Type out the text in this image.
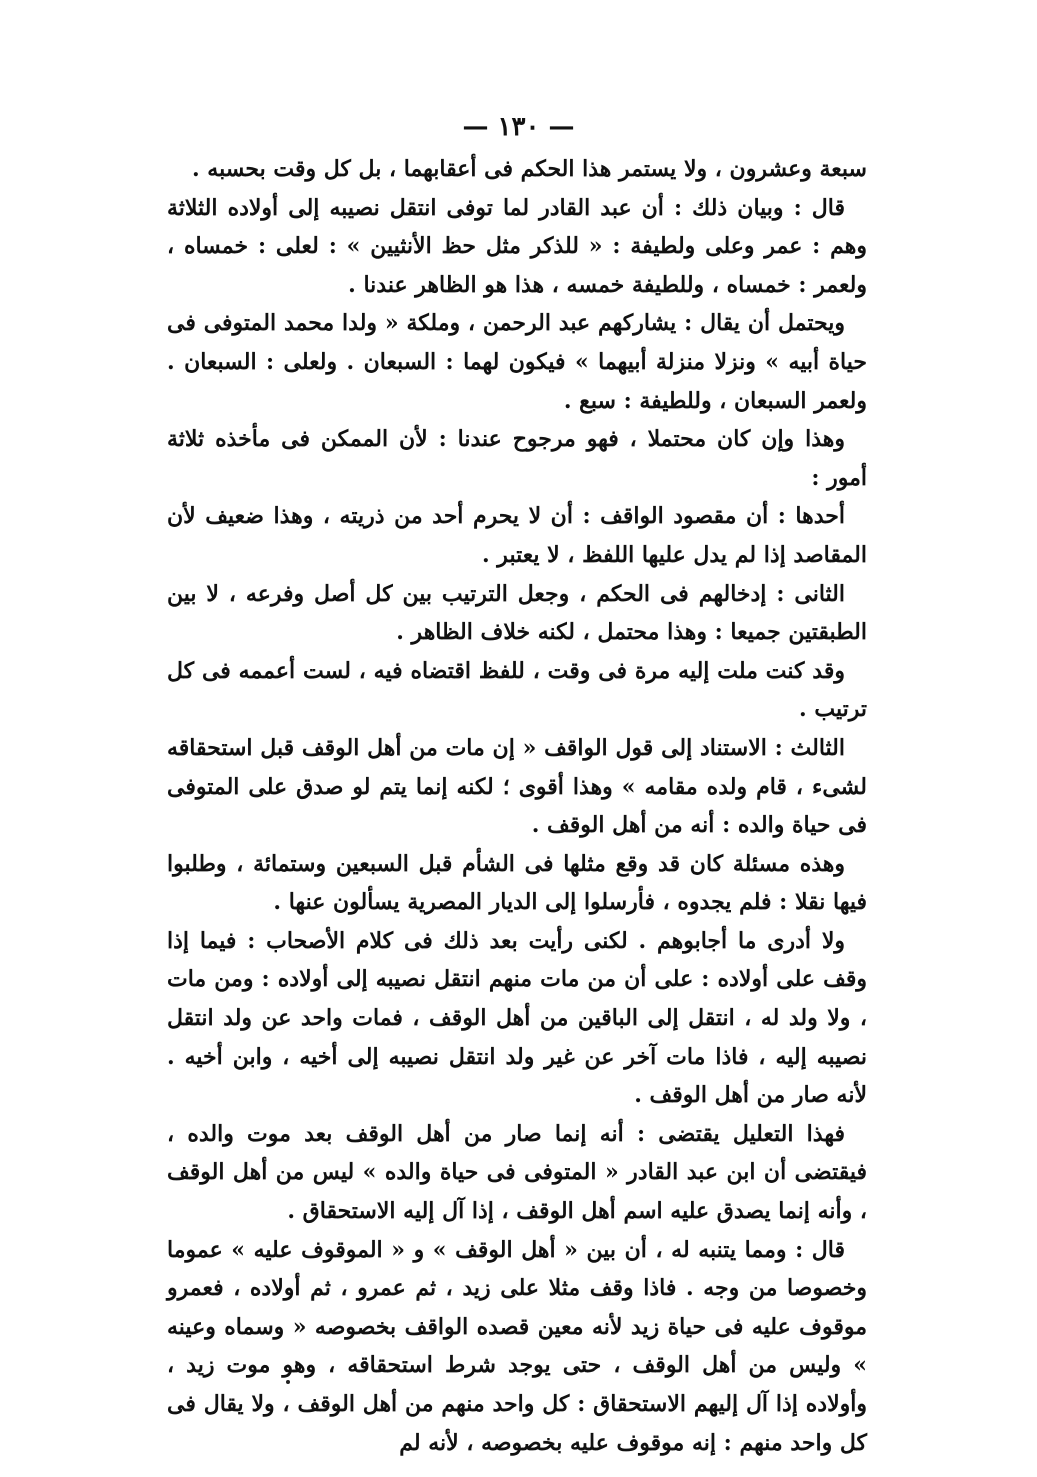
— ١٣٠ —

سبعة وعشرون ، ولا يستمر هذا الحكم فى أعقابهما ، بل كل وقت بحسبه .

قال : وبيان ذلك : أن عبد القادر لما توفى انتقل نصيبه إلى أولاده الثلاثة وهم : عمر وعلى ولطيفة : « للذكر مثل حظ الأنثيين » : لعلى : خمساه ، ولعمر : خمساه ، وللطيفة خمسه ، هذا هو الظاهر عندنا .

ويحتمل أن يقال : يشاركهم عبد الرحمن ، وملكة « ولدا محمد المتوفى فى حياة أبيه » ونزلا منزلة أبيهما » فيكون لهما : السبعان . ولعلى : السبعان . ولعمر السبعان ، وللطيفة : سبع .

وهذا وإن كان محتملا ، فهو مرجوح عندنا : لأن الممكن فى مأخذه ثلاثة أمور :

أحدها : أن مقصود الواقف : أن لا يحرم أحد من ذريته ، وهذا ضعيف لأن المقاصد إذا لم يدل عليها اللفظ ، لا يعتبر .

الثانى : إدخالهم فى الحكم ، وجعل الترتيب بين كل أصل وفرعه ، لا بين الطبقتين جميعا : وهذا محتمل ، لكنه خلاف الظاهر .

وقد كنت ملت إليه مرة فى وقت ، للفظ اقتضاه فيه ، لست أعممه فى كل ترتيب .

الثالث : الاستناد إلى قول الواقف « إن مات من أهل الوقف قبل استحقاقه لشىء ، قام ولده مقامه » وهذا أقوى ؛ لكنه إنما يتم لو صدق على المتوفى فى حياة والده : أنه من أهل الوقف .

وهذه مسئلة كان قد وقع مثلها فى الشأم قبل السبعين وستمائة ، وطلبوا فيها نقلا : فلم يجدوه ، فأرسلوا إلى الديار المصرية يسألون عنها .

ولا أدرى ما أجابوهم . لكنى رأيت بعد ذلك فى كلام الأصحاب : فيما إذا وقف على أولاده : على أن من مات منهم انتقل نصيبه إلى أولاده : ومن مات ، ولا ولد له ، انتقل إلى الباقين من أهل الوقف ، فمات واحد عن ولد انتقل نصيبه إليه ، فاذا مات آخر عن غير ولد انتقل نصيبه إلى أخيه ، وابن أخيه . لأنه صار من أهل الوقف .

فهذا التعليل يقتضى : أنه إنما صار من أهل الوقف بعد موت والده ، فيقتضى أن ابن عبد القادر « المتوفى فى حياة والده » ليس من أهل الوقف ، وأنه إنما يصدق عليه اسم أهل الوقف ، إذا آل إليه الاستحقاق .

قال : ومما يتنبه له ، أن بين « أهل الوقف » و « الموقوف عليه » عموما وخصوصا من وجه . فاذا وقف مثلا على زيد ، ثم عمرو ، ثم أولاده ، فعمرو موقوف عليه فى حياة زيد لأنه معين قصده الواقف بخصوصه « وسماه وعينه » وليس من أهل الوقف ، حتى يوجد شرط استحقاقه ، وهو موت زيد ، وأولاده إذا آل إليهم الاستحقاق : كل واحد منهم من أهل الوقف ، ولا يقال فى كل واحد منهم : إنه موقوف عليه بخصوصه ، لأنه لم
